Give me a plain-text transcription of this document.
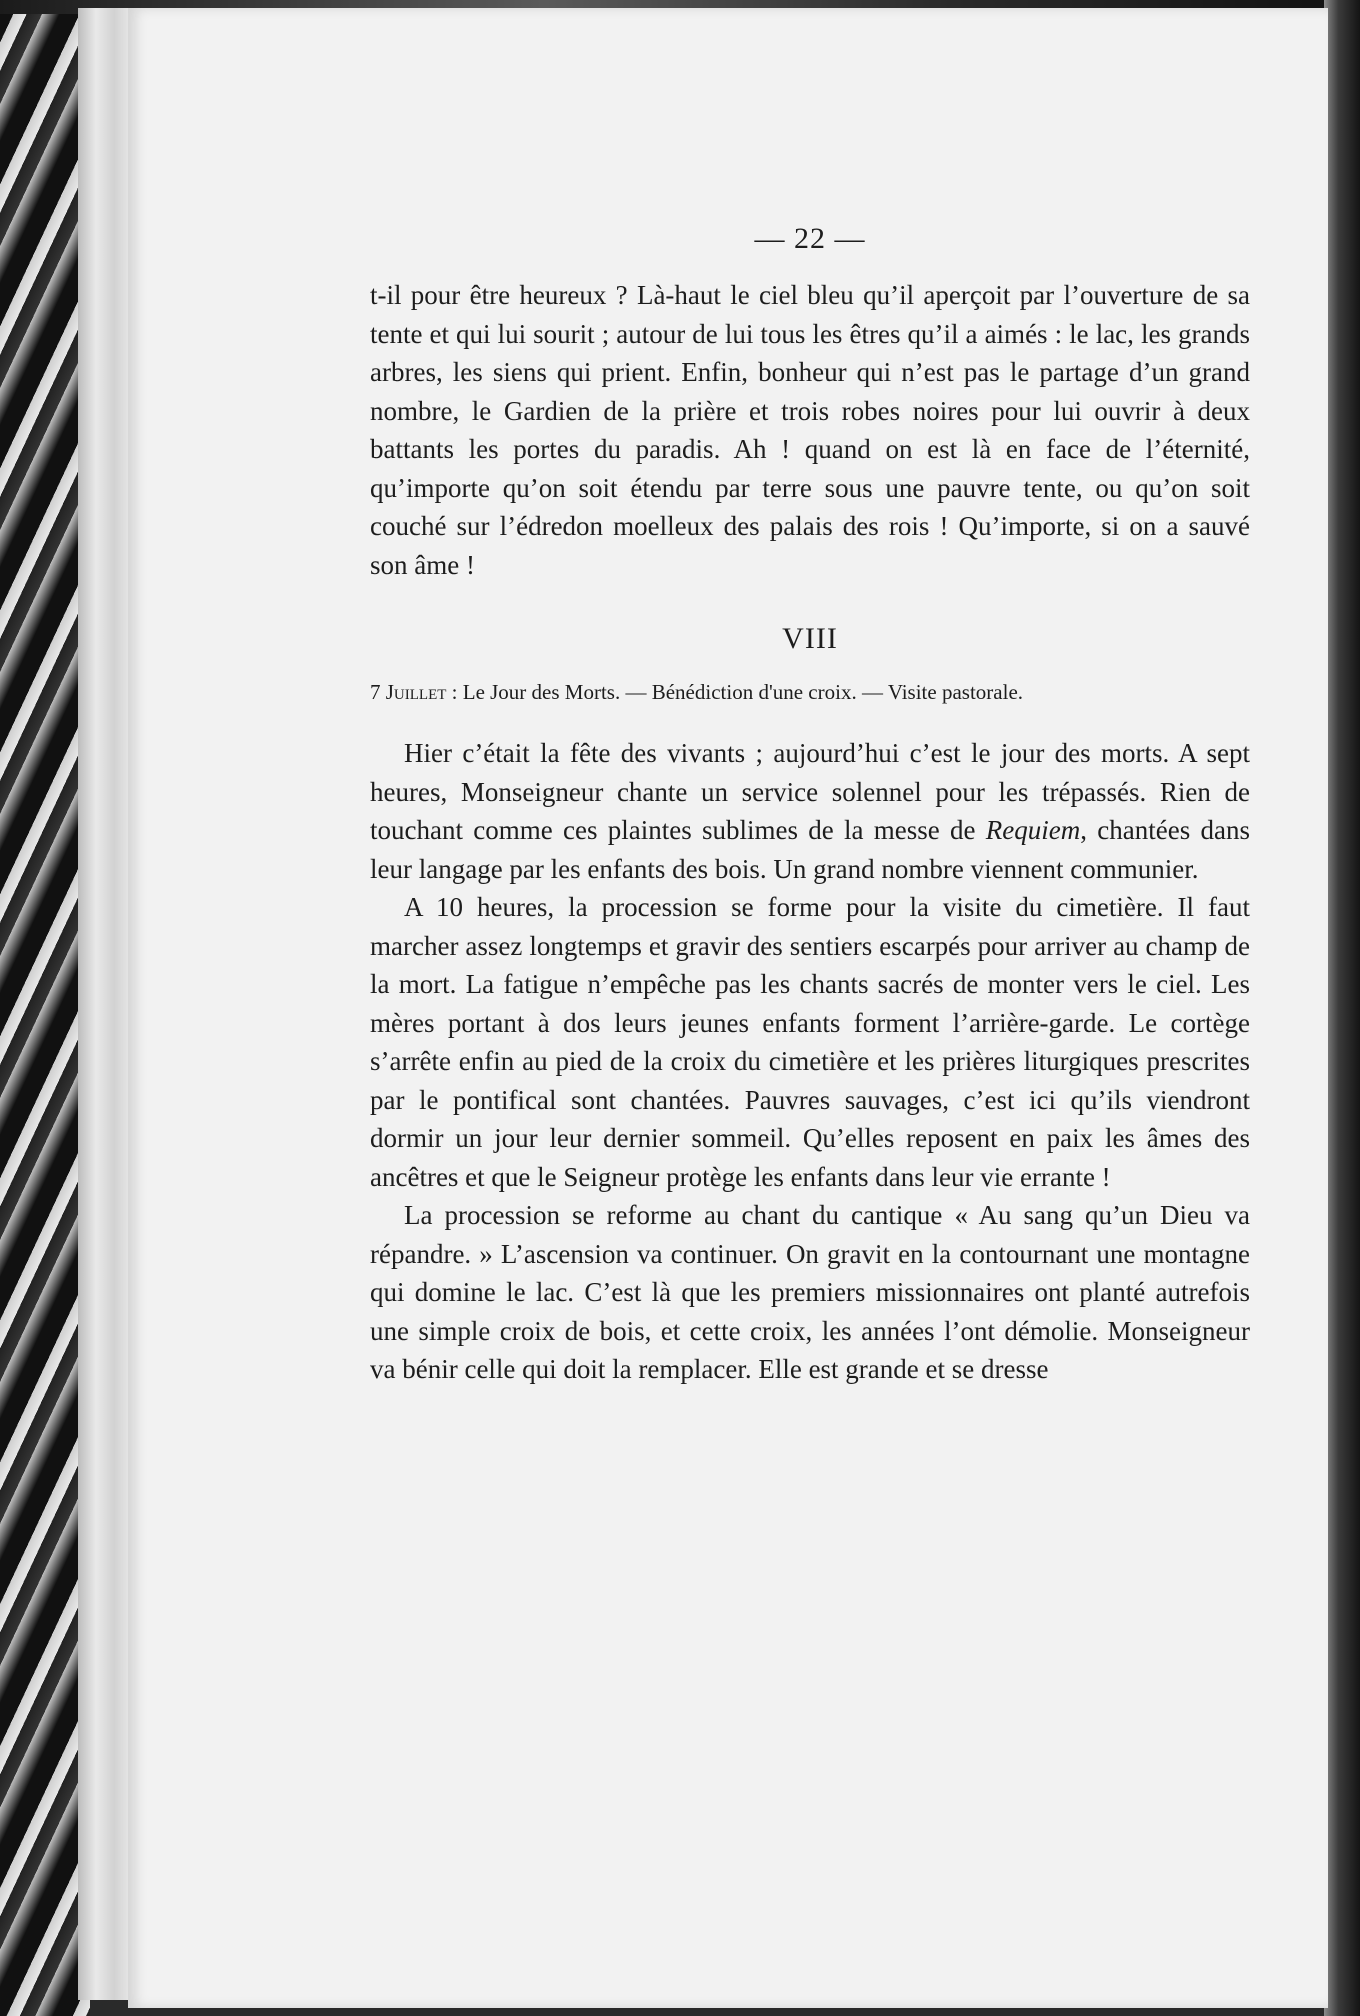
— 22 —

t-il pour être heureux ? Là-haut le ciel bleu qu’il aperçoit par l’ouverture de sa tente et qui lui sourit ; autour de lui tous les êtres qu’il a aimés : le lac, les grands arbres, les siens qui prient. Enfin, bonheur qui n’est pas le partage d’un grand nombre, le Gardien de la prière et trois robes noires pour lui ouvrir à deux battants les portes du paradis. Ah ! quand on est là en face de l’éternité, qu’importe qu’on soit étendu par terre sous une pauvre tente, ou qu’on soit couché sur l’édredon moelleux des palais des rois ! Qu’importe, si on a sauvé son âme !

VIII
7 Juillet : Le Jour des Morts. — Bénédiction d'une croix. — Visite pastorale.

Hier c’était la fête des vivants ; aujourd’hui c’est le jour des morts. A sept heures, Monseigneur chante un service solennel pour les trépassés. Rien de touchant comme ces plaintes sublimes de la messe de Requiem, chantées dans leur langage par les enfants des bois. Un grand nombre viennent communier.

A 10 heures, la procession se forme pour la visite du cimetière. Il faut marcher assez longtemps et gravir des sentiers escarpés pour arriver au champ de la mort. La fatigue n’empêche pas les chants sacrés de monter vers le ciel. Les mères portant à dos leurs jeunes enfants forment l’arrière-garde. Le cortège s’arrête enfin au pied de la croix du cimetière et les prières liturgiques prescrites par le pontifical sont chantées. Pauvres sauvages, c’est ici qu’ils viendront dormir un jour leur dernier sommeil. Qu’elles reposent en paix les âmes des ancêtres et que le Seigneur protège les enfants dans leur vie errante !

La procession se reforme au chant du cantique « Au sang qu’un Dieu va répandre. » L’ascension va continuer. On gravit en la contournant une montagne qui domine le lac. C’est là que les premiers missionnaires ont planté autrefois une simple croix de bois, et cette croix, les années l’ont démolie. Monseigneur va bénir celle qui doit la remplacer. Elle est grande et se dresse
